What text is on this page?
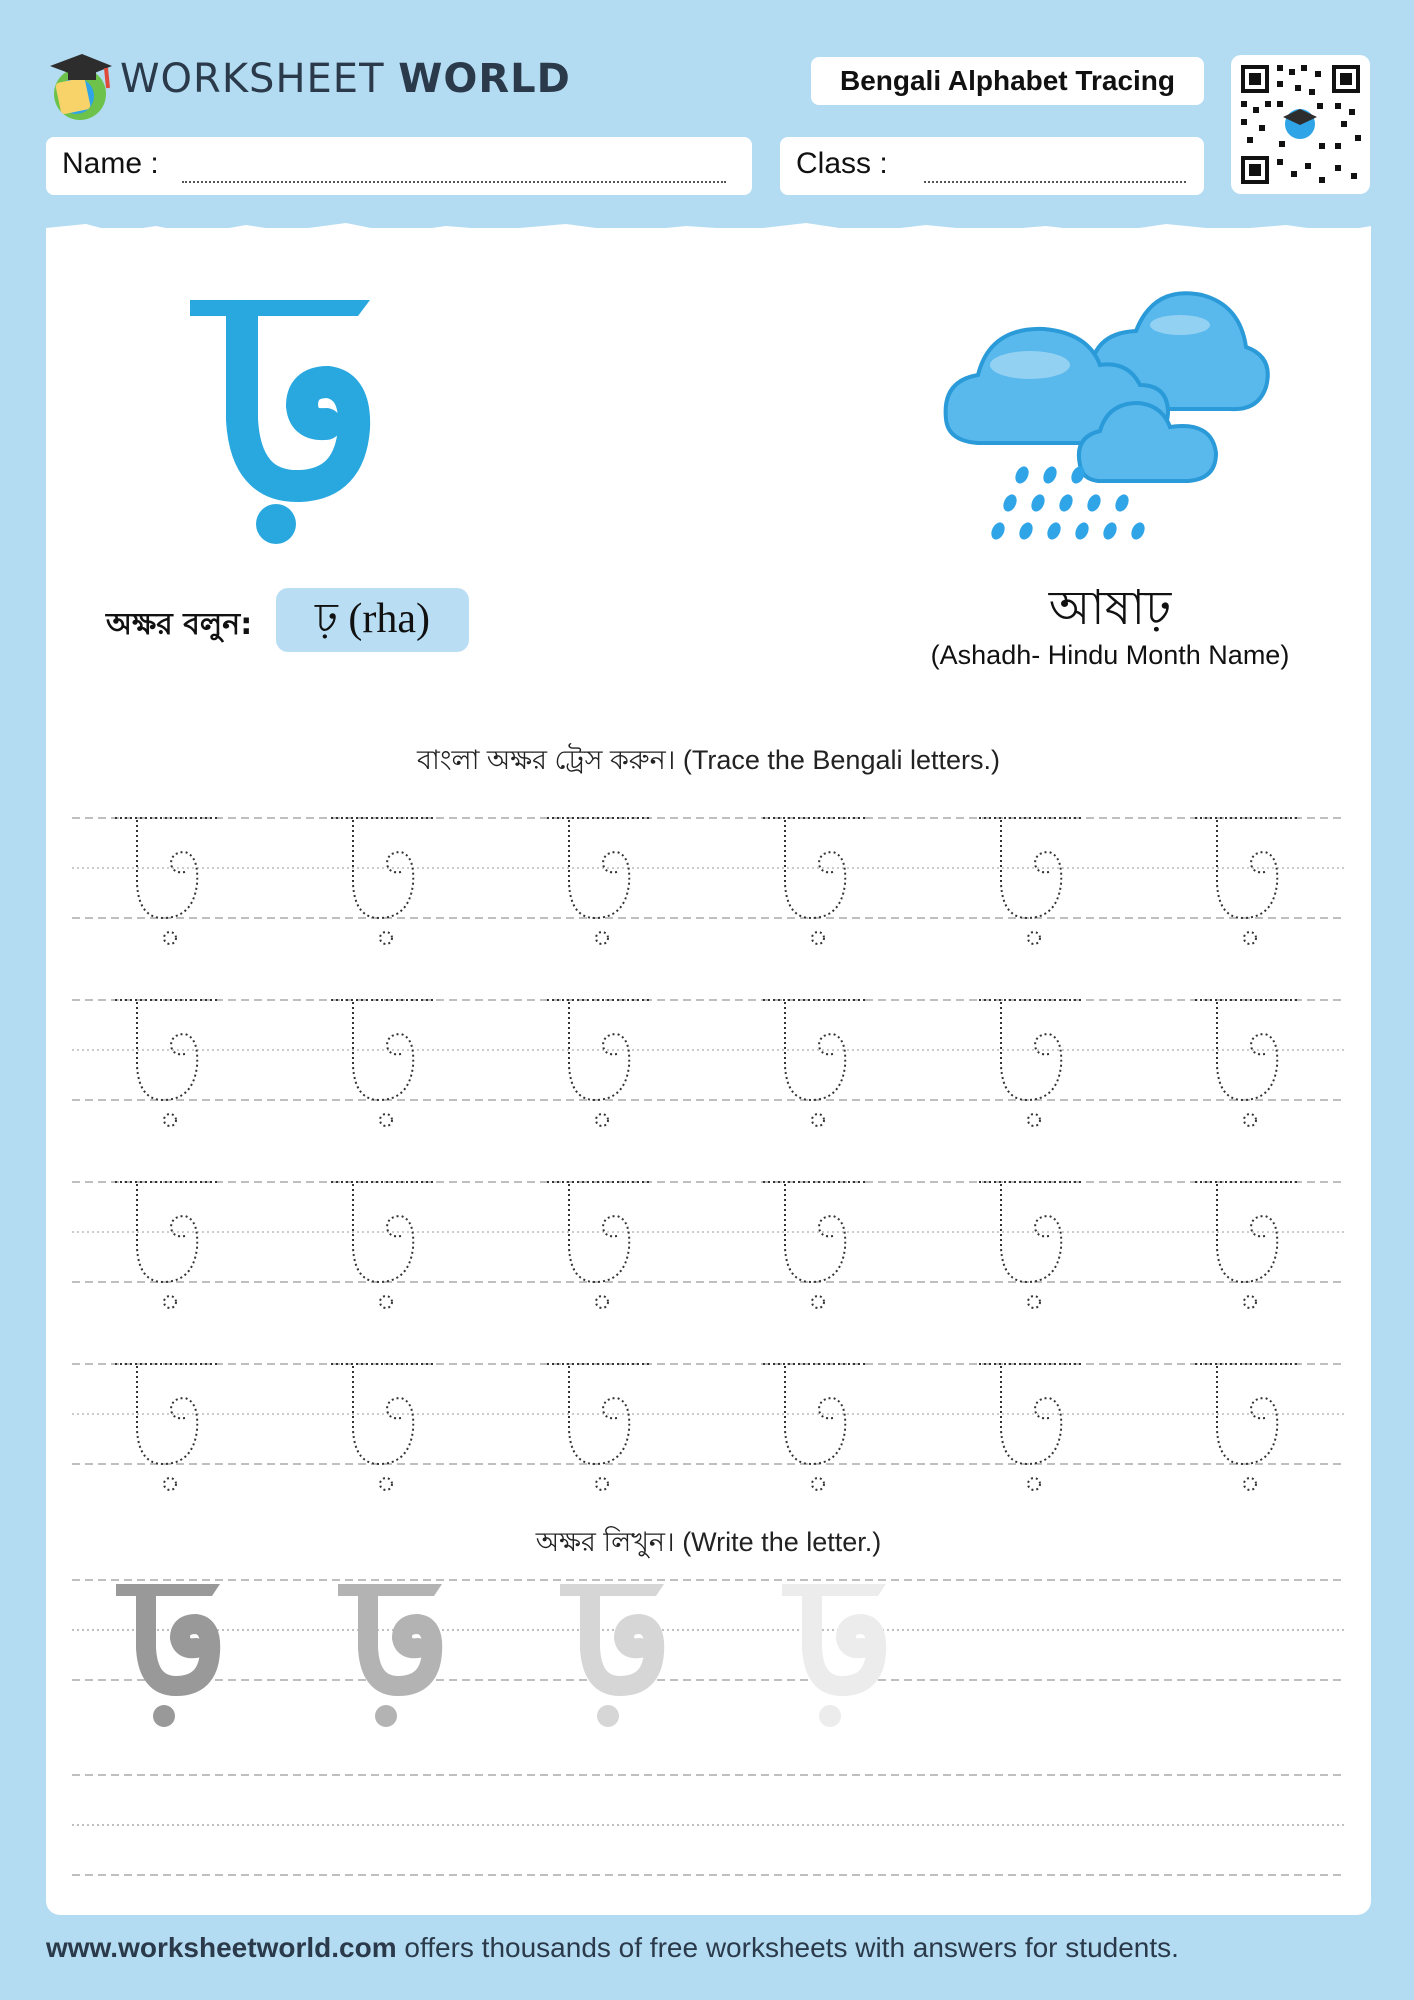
WORKSHEET WORLD	Bengali Alphabet Tracing
Name :	Class :
অক্ষর বলুন:	ঢ় (rha)	আষাঢ়
(Ashadh- Hindu Month Name)
বাংলা অক্ষর ট্রেস করুন। (Trace the Bengali letters.)
অক্ষর লিখুন। (Write the letter.)
www.worksheetworld.com offers thousands of free worksheets with answers for students.
